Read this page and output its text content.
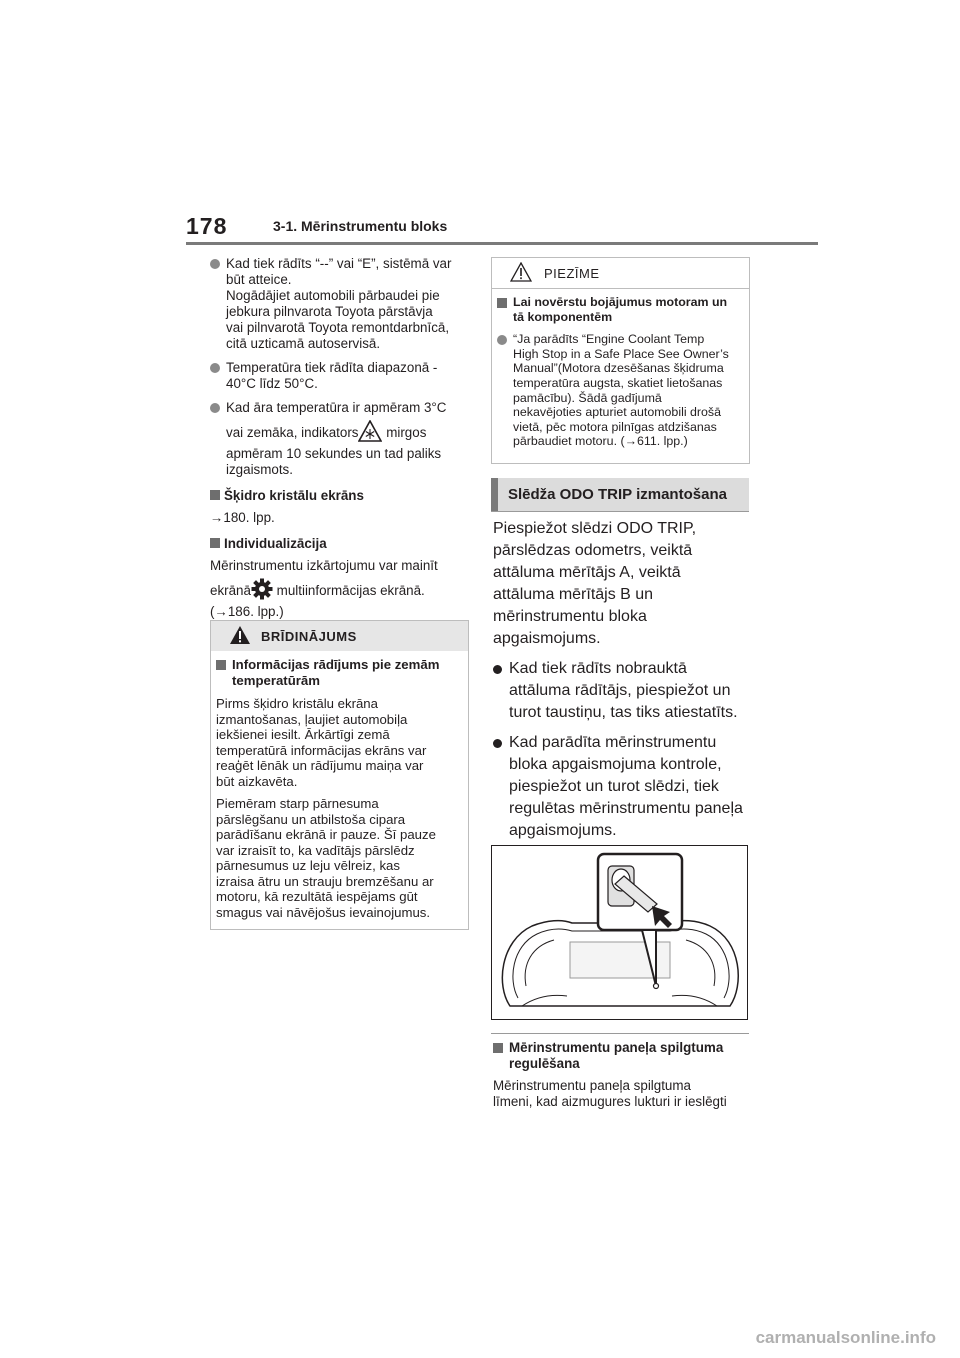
178	3-1. Mērinstrumentu bloks
Kad tiek rādīts “--” vai “E”, sistēmā var
būt atteice.
Nogādājiet automobili pārbaudei pie
jebkura pilnvarota Toyota pārstāvja
vai pilnvarotā Toyota remontdarbnīcā,
citā uzticamā autoservisā.
Temperatūra tiek rādīta diapazonā -
40°C līdz 50°C.
Kad āra temperatūra ir apmēram 3°C
vai zemāka, indikators mirgos
apmēram 10 sekundes un tad paliks
izgaismots.
Šķidro kristālu ekrāns
→180. lpp.
Individualizācija
Mērinstrumentu izkārtojumu var mainīt
ekrānā multiinformācijas ekrānā.
(→186. lpp.)
BRĪDINĀJUMS
Informācijas rādījums pie zemām
temperatūrām

Pirms šķidro kristālu ekrāna
izmantošanas, ļaujiet automobiļa
iekšienei iesilt. Ārkārtīgi zemā
temperatūrā informācijas ekrāns var
reaģēt lēnāk un rādījumu maiņa var
būt aizkavēta.

Piemēram starp pārnesuma
pārslēgšanu un atbilstoša cipara
parādīšanu ekrānā ir pauze. Šī pauze
var izraisīt to, ka vadītājs pārslēdz
pārnesumus uz leju vēlreiz, kas
izraisa ātru un strauju bremzēšanu ar
motoru, kā rezultātā iespējams gūt
smagus vai nāvējošus ievainojumus.

PIEZĪME
Lai novērstu bojājumus motoram un
tā komponentēm
“Ja parādīts “Engine Coolant Temp
High Stop in a Safe Place See Owner’s
Manual”(Motora dzesēšanas šķidruma
temperatūra augsta, skatiet lietošanas
pamācību). Šādā gadījumā
nekavējoties apturiet automobili drošā
vietā, pēc motora pilnīgas atdzišanas
pārbaudiet motoru. (→611. lpp.)
Slēdža ODO TRIP izmantošana

Piespiežot slēdzi ODO TRIP,
pārslēdzas odometrs, veiktā
attāluma mērītājs A, veiktā
attāluma mērītājs B un
mērinstrumentu bloka
apgaismojums.

Kad tiek rādīts nobrauktā
attāluma rādītājs, piespiežot un
turot taustiņu, tas tiks atiestatīts.
Kad parādīta mērinstrumentu
bloka apgaismojuma kontrole,
piespiežot un turot slēdzi, tiek
regulētas mērinstrumentu paneļa
apgaismojums.
Mērinstrumentu paneļa spilgtuma
regulēšana
Mērinstrumentu paneļa spilgtuma
līmeni, kad aizmugures lukturi ir ieslēgti
carmanualsonline.info
